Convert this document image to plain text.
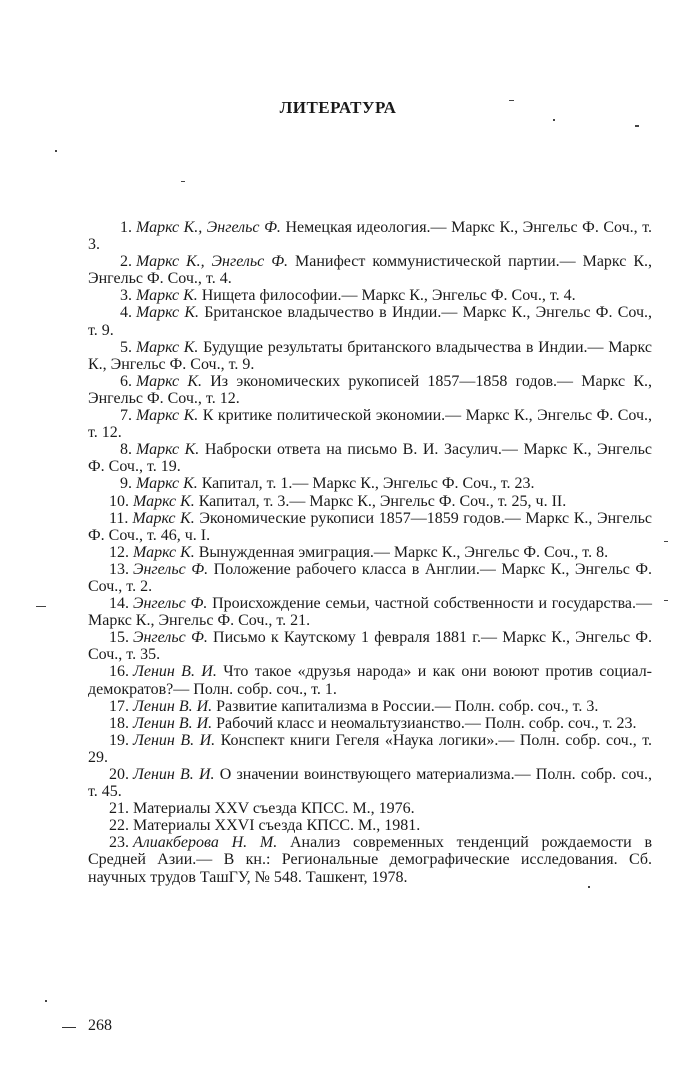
ЛИТЕРАТУРА
1. Маркс К., Энгельс Ф. Немецкая идеология.— Маркс К., Энгельс Ф. Соч., т. 3.
2. Маркс К., Энгельс Ф. Манифест коммунистической партии.— Маркс К., Энгельс Ф. Соч., т. 4.
3. Маркс К. Нищета философии.— Маркс К., Энгельс Ф. Соч., т. 4.
4. Маркс К. Британское владычество в Индии.— Маркс К., Энгельс Ф. Соч., т. 9.
5. Маркс К. Будущие результаты британского владычества в Индии.— Маркс К., Энгельс Ф. Соч., т. 9.
6. Маркс К. Из экономических рукописей 1857—1858 годов.— Маркс К., Энгельс Ф. Соч., т. 12.
7. Маркс К. К критике политической экономии.— Маркс К., Энгельс Ф. Соч., т. 12.
8. Маркс К. Наброски ответа на письмо В. И. Засулич.— Маркс К., Энгельс Ф. Соч., т. 19.
9. Маркс К. Капитал, т. 1.— Маркс К., Энгельс Ф. Соч., т. 23.
10. Маркс К. Капитал, т. 3.— Маркс К., Энгельс Ф. Соч., т. 25, ч. II.
11. Маркс К. Экономические рукописи 1857—1859 годов.— Маркс К., Энгельс Ф. Соч., т. 46, ч. I.
12. Маркс К. Вынужденная эмиграция.— Маркс К., Энгельс Ф. Соч., т. 8.
13. Энгельс Ф. Положение рабочего класса в Англии.— Маркс К., Энгельс Ф. Соч., т. 2.
14. Энгельс Ф. Происхождение семьи, частной собственности и государства.— Маркс К., Энгельс Ф. Соч., т. 21.
15. Энгельс Ф. Письмо к Каутскому 1 февраля 1881 г.— Маркс К., Энгельс Ф. Соч., т. 35.
16. Ленин В. И. Что такое «друзья народа» и как они воюют против социал-демократов?— Полн. собр. соч., т. 1.
17. Ленин В. И. Развитие капитализма в России.— Полн. собр. соч., т. 3.
18. Ленин В. И. Рабочий класс и неомальтузианство.— Полн. собр. соч., т. 23.
19. Ленин В. И. Конспект книги Гегеля «Наука логики».— Полн. собр. соч., т. 29.
20. Ленин В. И. О значении воинствующего материализма.— Полн. собр. соч., т. 45.
21. Материалы XXV съезда КПСС. М., 1976.
22. Материалы XXVI съезда КПСС. М., 1981.
23. Алиакберова Н. М. Анализ современных тенденций рождаемости в Средней Азии.— В кн.: Региональные демографические исследования. Сб. научных трудов ТашГУ, № 548. Ташкент, 1978.
268
